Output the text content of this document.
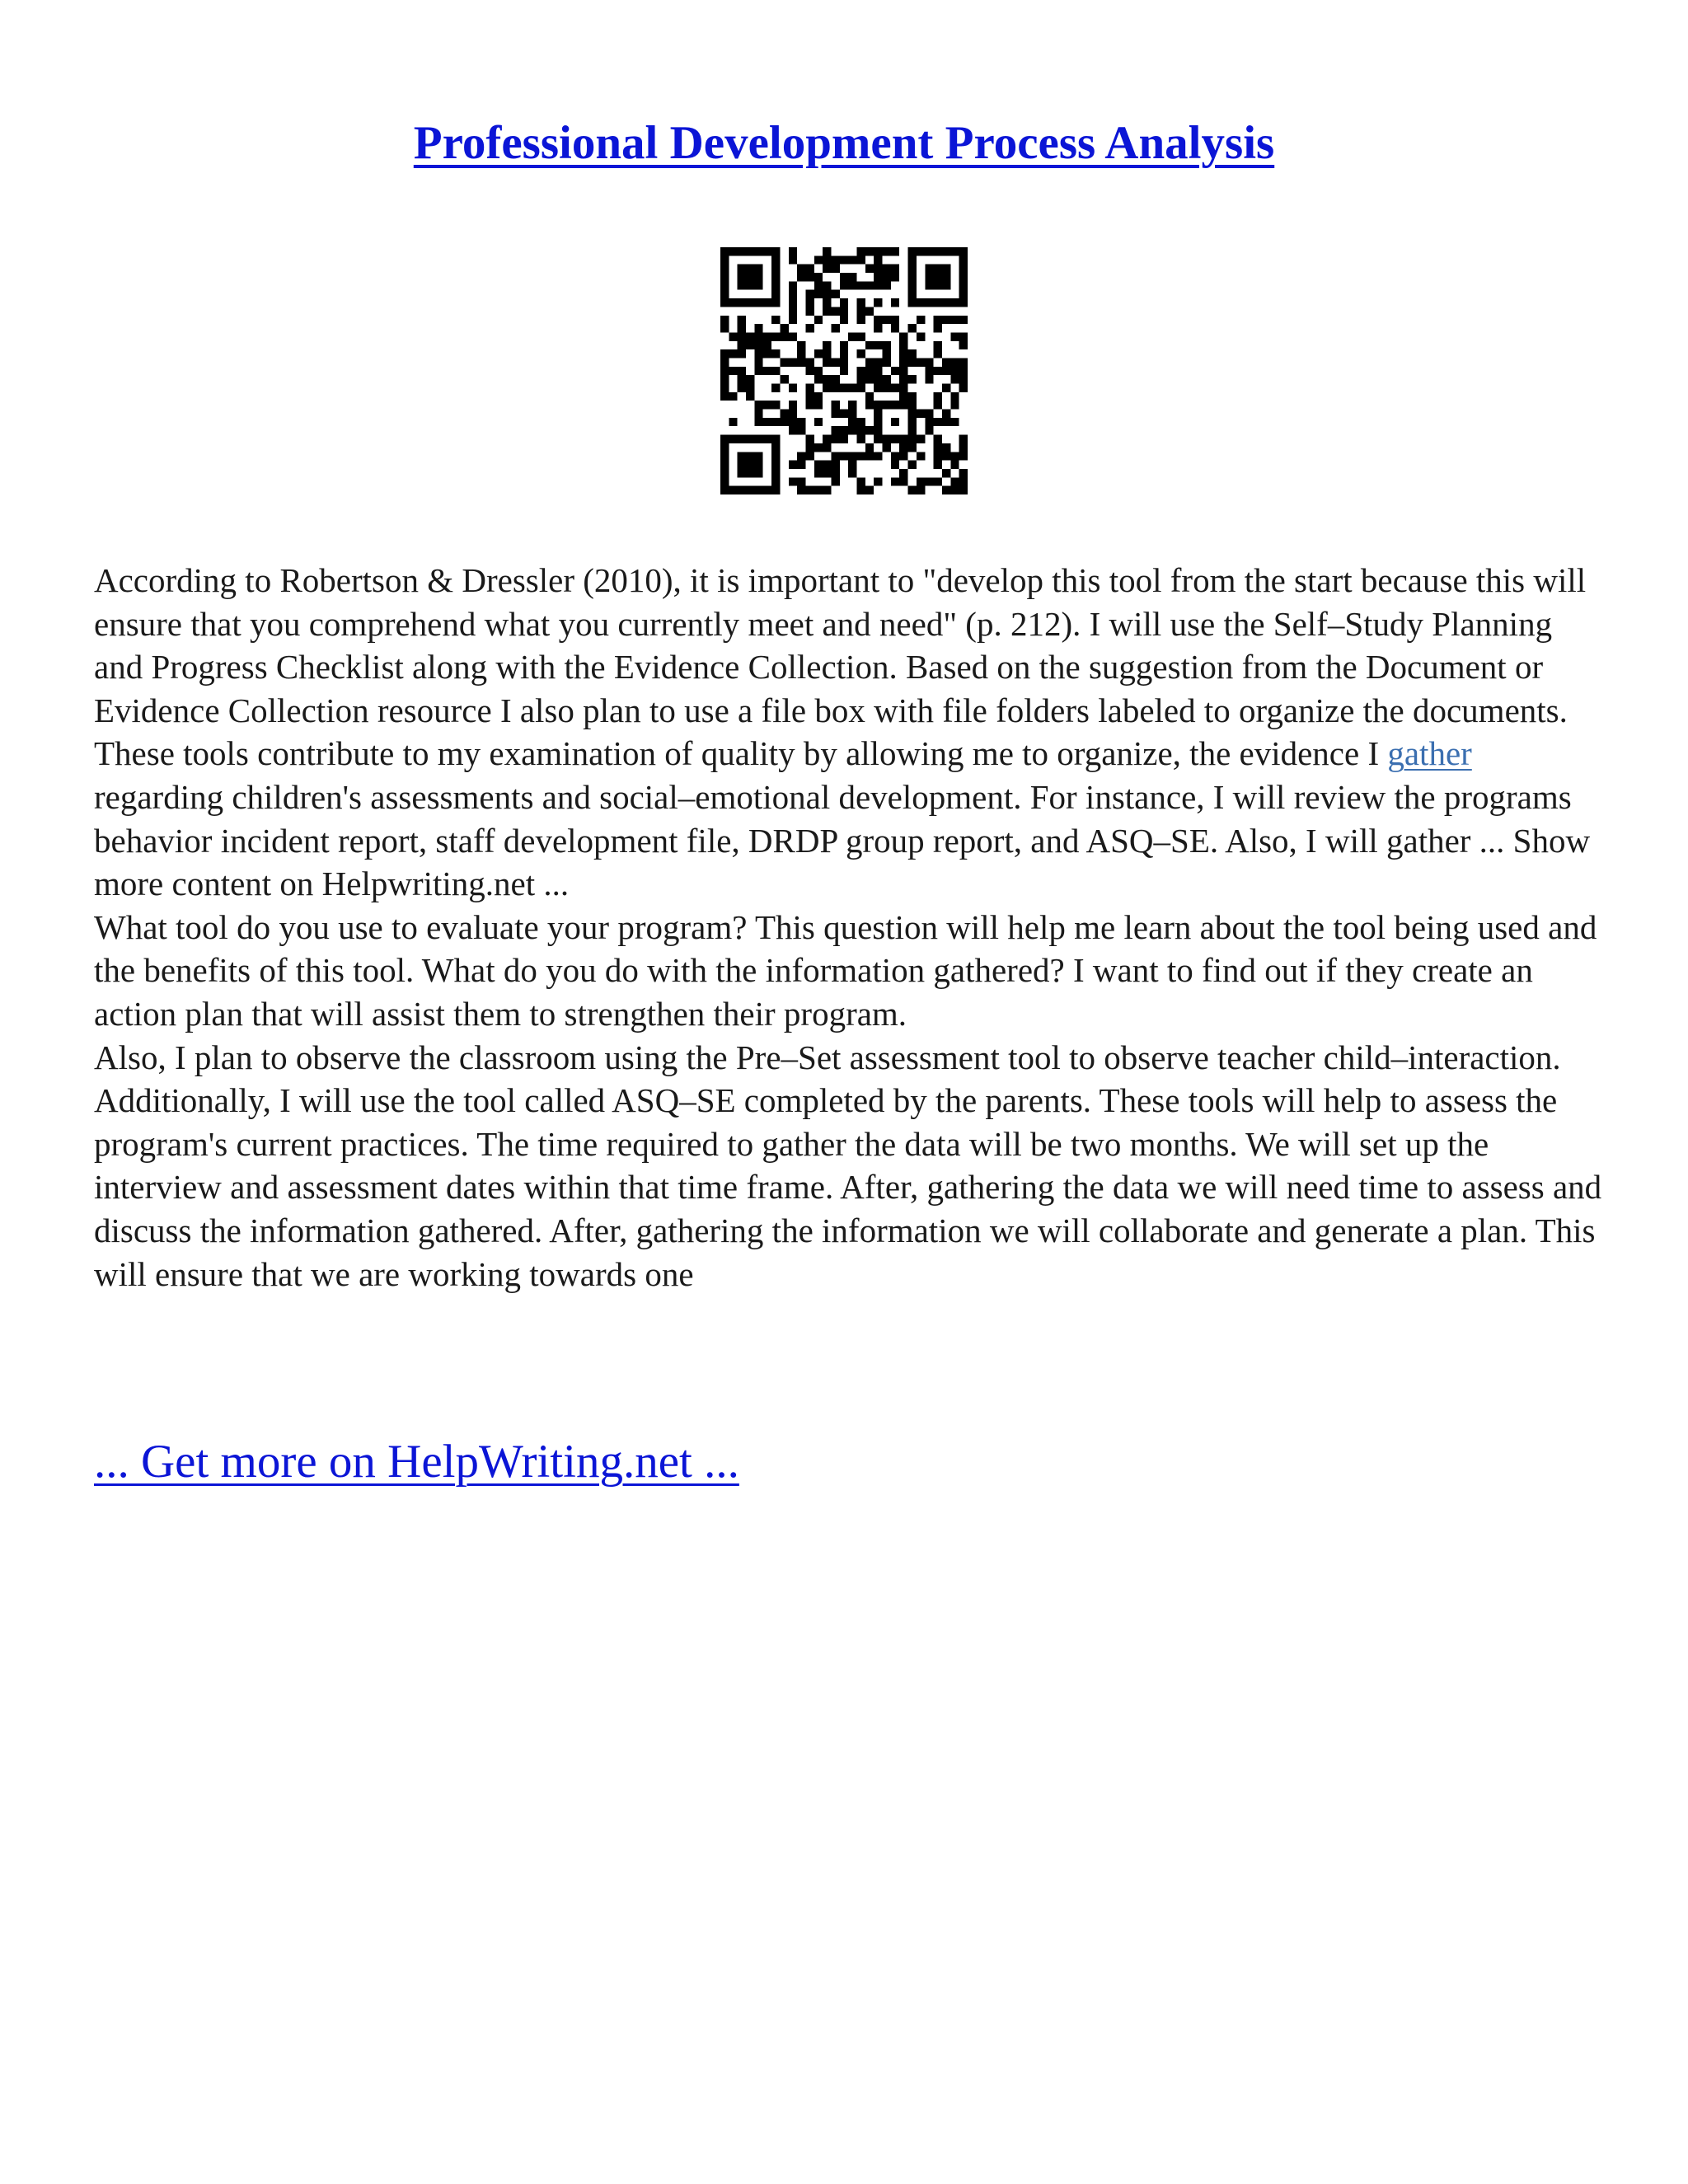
Professional Development Process Analysis

According to Robertson & Dressler (2010), it is important to "develop this tool from the start because this will ensure that you comprehend what you currently meet and need" (p. 212). I will use the Self–Study Planning and Progress Checklist along with the Evidence Collection. Based on the suggestion from the Document or Evidence Collection resource I also plan to use a file box with file folders labeled to organize the documents. These tools contribute to my examination of quality by allowing me to organize, the evidence I gather regarding children's assessments and social–emotional development. For instance, I will review the programs behavior incident report, staff development file, DRDP group report, and ASQ–SE. Also, I will gather ... Show more content on Helpwriting.net ...

What tool do you use to evaluate your program? This question will help me learn about the tool being used and the benefits of this tool. What do you do with the information gathered? I want to find out if they create an action plan that will assist them to strengthen their program.

Also, I plan to observe the classroom using the Pre–Set assessment tool to observe teacher child–interaction. Additionally, I will use the tool called ASQ–SE completed by the parents. These tools will help to assess the program's current practices. The time required to gather the data will be two months. We will set up the interview and assessment dates within that time frame. After, gathering the data we will need time to assess and discuss the information gathered. After, gathering the information we will collaborate and generate a plan. This will ensure that we are working towards one

... Get more on HelpWriting.net ...
